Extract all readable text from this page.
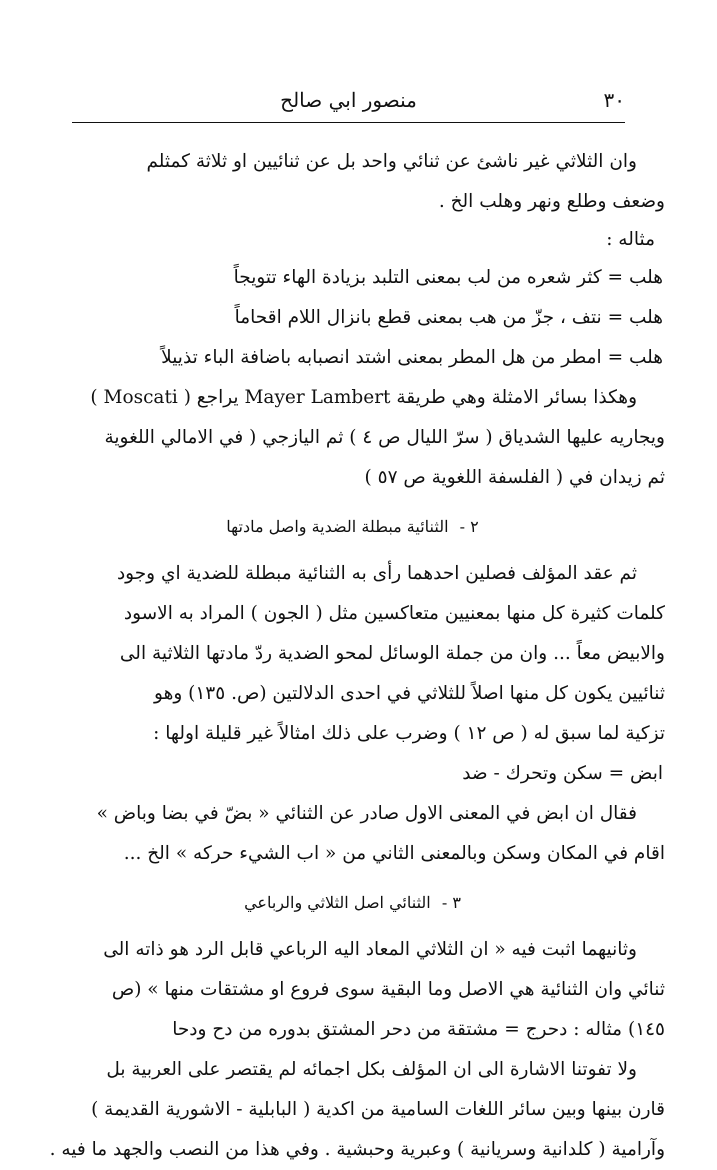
٣٠
منصور ابي صالح

وان الثلاثي غير ناشئ عن ثنائي واحد بل عن ثنائيين او ثلاثة كمثلم
وضعف وطلع ونهر وهلب الخ .

مثاله :
هلب = كثر شعره من لب بمعنى التلبد بزيادة الهاء تتويجاً
هلب = نتف ، جزّ من هب بمعنى قطع بانزال اللام اقحاماً
هلب = امطر من هل المطر بمعنى اشتد انصبابه باضافة الباء تذييلاً

وهكذا بسائر الامثلة وهي طريقة Mayer Lambert يراجع ( Moscati )
ويجاريه عليها الشدياق ( سرّ الليال ص ٤ ) ثم اليازجي ( في الامالي اللغوية
ثم زيدان في ( الفلسفة اللغوية ص ٥٧ )

٢ - الثنائية مبطلة الضدية واصل مادتها

ثم عقد المؤلف فصلين احدهما رأى به الثنائية مبطلة للضدية اي وجود
كلمات كثيرة كل منها بمعنيين متعاكسين مثل ( الجون ) المراد به الاسود
والابيض معاً ... وان من جملة الوسائل لمحو الضدية ردّ مادتها الثلاثية الى
ثنائيين يكون كل منها اصلاً للثلاثي في احدى الدلالتين (ص. ١٣٥) وهو
تزكية لما سبق له ( ص ١٢ ) وضرب على ذلك امثالاً غير قليلة اولها :

ابض = سكن وتحرك - ضد

فقال ان ابض في المعنى الاول صادر عن الثنائي « بضّ في بضا وباض »
اقام في المكان وسكن وبالمعنى الثاني من « اب الشيء حركه » الخ ...

٣ - الثنائي اصل الثلاثي والرباعي

وثانيهما اثبت فيه « ان الثلاثي المعاد اليه الرباعي قابل الرد هو ذاته الى
ثنائي وان الثنائية هي الاصل وما البقية سوى فروع او مشتقات منها » (ص
١٤٥) مثاله : دحرج = مشتقة من دحر المشتق بدوره من دح ودحا
ولا تفوتنا الاشارة الى ان المؤلف بكل اجمائه لم يقتصر على العربية بل
قارن بينها وبين سائر اللغات السامية من اكدية ( البابلية - الاشورية القديمة )
وآرامية ( كلدانية وسريانية ) وعبرية وحبشية . وفي هذا من النصب والجهد ما فيه .
